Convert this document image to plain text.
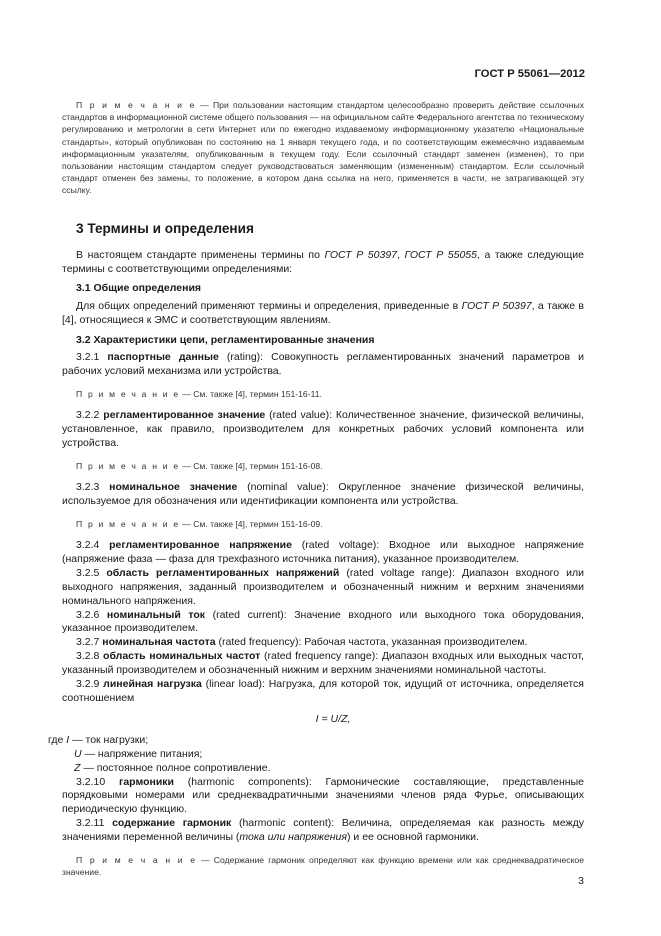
ГОСТ Р 55061—2012

П р и м е ч а н и е — При пользовании настоящим стандартом целесообразно проверить действие ссылочных стандартов в информационной системе общего пользования — на официальном сайте Федерального агентства по техническому регулированию и метрологии в сети Интернет или по ежегодно издаваемому информационному указателю «Национальные стандарты», который опубликован по состоянию на 1 января текущего года, и по соответствующим ежемесячно издаваемым информационным указателям, опубликованным в текущем году. Если ссылочный стандарт заменен (изменен), то при пользовании настоящим стандартом следует руководствоваться заменяющим (измененным) стандартом. Если ссылочный стандарт отменен без замены, то положение, в котором дана ссылка на него, применяется в части, не затрагивающей эту ссылку.

3 Термины и определения

В настоящем стандарте применены термины по ГОСТ Р 50397, ГОСТ Р 55055, а также следующие термины с соответствующими определениями:

3.1 Общие определения

Для общих определений применяют термины и определения, приведенные в ГОСТ Р 50397, а также в [4], относящиеся к ЭМС и соответствующим явлениям.

3.2 Характеристики цепи, регламентированные значения

3.2.1 паспортные данные (rating): Совокупность регламентированных значений параметров и рабочих условий механизма или устройства.

П р и м е ч а н и е — См. также [4], термин 151-16-11.

3.2.2 регламентированное значение (rated value): Количественное значение, физической величины, установленное, как правило, производителем для конкретных рабочих условий компонента или устройства.

П р и м е ч а н и е — См. также [4], термин 151-16-08.

3.2.3 номинальное значение (nominal value): Округленное значение физической величины, используемое для обозначения или идентификации компонента или устройства.

П р и м е ч а н и е — См. также [4], термин 151-16-09.

3.2.4 регламентированное напряжение (rated voltage): Входное или выходное напряжение (напряжение фаза — фаза для трехфазного источника питания), указанное производителем.

3.2.5 область регламентированных напряжений (rated voltage range): Диапазон входного или выходного напряжения, заданный производителем и обозначенный нижним и верхним значениями номинального напряжения.

3.2.6 номинальный ток (rated current): Значение входного или выходного тока оборудования, указанное производителем.

3.2.7 номинальная частота (rated frequency): Рабочая частота, указанная производителем.

3.2.8 область номинальных частот (rated frequency range): Диапазон входных или выходных частот, указанный производителем и обозначенный нижним и верхним значениями номинальной частоты.

3.2.9 линейная нагрузка (linear load): Нагрузка, для которой ток, идущий от источника, определяется соотношением

I = U/Z,

где I — ток нагрузки;
U — напряжение питания;
Z — постоянное полное сопротивление.

3.2.10 гармоники (harmonic components): Гармонические составляющие, представленные порядковыми номерами или среднеквадратичными значениями членов ряда Фурье, описывающих периодическую функцию.

3.2.11 содержание гармоник (harmonic content): Величина, определяемая как разность между значениями переменной величины (тока или напряжения) и ее основной гармоники.

П р и м е ч а н и е — Содержание гармоник определяют как функцию времени или как среднеквадратическое значение.

3
